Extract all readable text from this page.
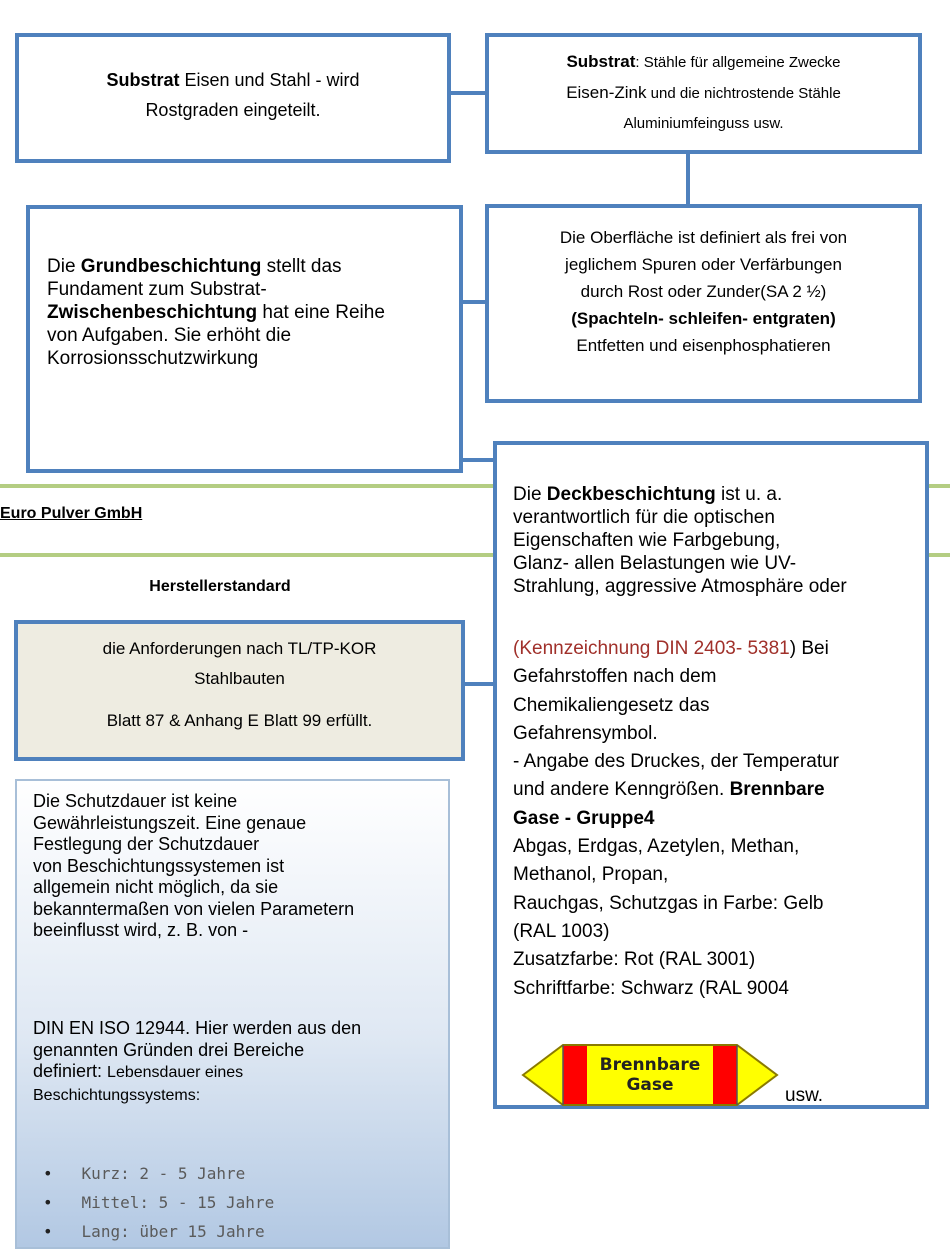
Substrat Eisen und Stahl - wird
Rostgraden eingeteilt.
Substrat: Stähle für allgemeine Zwecke
Eisen-Zink und die nichtrostende Stähle
Aluminiumfeinguss usw.
Die Grundbeschichtung stellt das
Fundament zum Substrat-
Zwischenbeschichtung hat eine Reihe
von Aufgaben. Sie erhöht die
Korrosionsschutzwirkung
Die Oberfläche ist definiert als frei von
jeglichem Spuren oder Verfärbungen
durch Rost oder Zunder(SA 2 ½)
(Spachteln- schleifen- entgraten)
Entfetten und eisenphosphatieren
Euro Pulver GmbH
Herstellerstandard
die Anforderungen nach TL/TP-KOR
Stahlbauten

Blatt 87 & Anhang E Blatt 99 erfüllt.
Die Schutzdauer ist keine
Gewährleistungszeit. Eine genaue
Festlegung der Schutzdauer
von Beschichtungssystemen ist
allgemein nicht möglich, da sie
bekanntermaßen von vielen Parametern
beeinflusst wird, z. B. von -
DIN EN ISO 12944. Hier werden aus den
genannten Gründen drei Bereiche
definiert: Lebensdauer eines
Beschichtungssystems:
• Kurz: 2 - 5 Jahre
• Mittel: 5 - 15 Jahre
• Lang: über 15 Jahre
Die Deckbeschichtung ist u. a.
verantwortlich für die optischen
Eigenschaften wie Farbgebung,
Glanz- allen Belastungen wie UV-
Strahlung, aggressive Atmosphäre oder
(Kennzeichnung DIN 2403- 5381) Bei
Gefahrstoffen nach dem
Chemikaliengesetz das
Gefahrensymbol.
- Angabe des Druckes, der Temperatur
und andere Kenngrößen. Brennbare
Gase - Gruppe4
Abgas, Erdgas, Azetylen, Methan,
Methanol, Propan,
Rauchgas, Schutzgas in Farbe: Gelb
(RAL 1003)
Zusatzfarbe: Rot (RAL 3001)
Schriftfarbe: Schwarz (RAL 9004
Brennbare
Gase	usw.
